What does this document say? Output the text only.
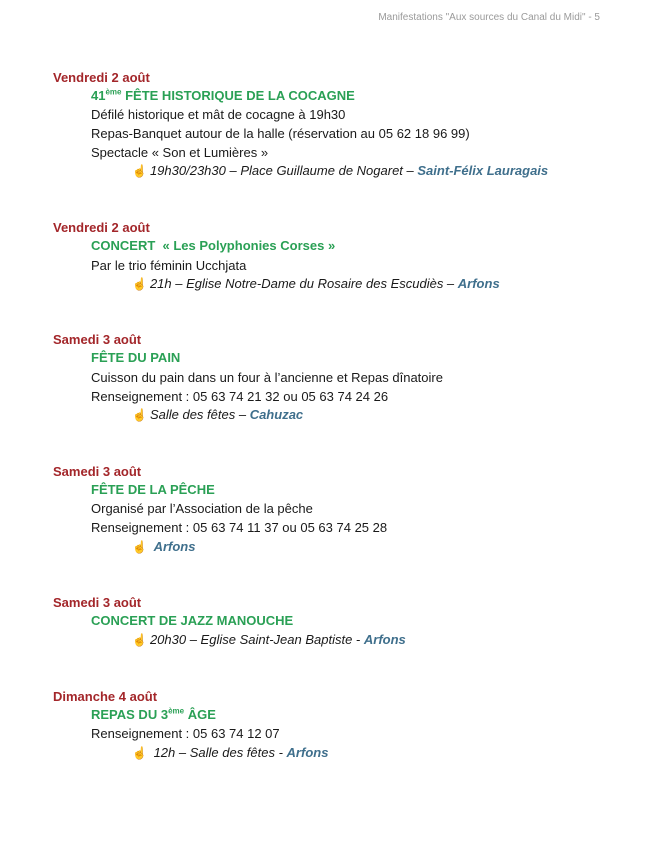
Manifestations "Aux sources du Canal du Midi" - 5
Vendredi 2 août
41ème FÊTE HISTORIQUE DE LA COCAGNE
Défilé historique et mât de cocagne à 19h30
Repas-Banquet autour de la halle (réservation au 05 62 18 96 99)
Spectacle « Son et Lumières »
☝ 19h30/23h30 – Place Guillaume de Nogaret – Saint-Félix Lauragais
Vendredi 2 août
CONCERT  « Les Polyphonies Corses »
Par le trio féminin Ucchjata
☝ 21h – Eglise Notre-Dame du Rosaire des Escudiès – Arfons
Samedi 3 août
FÊTE DU PAIN
Cuisson du pain dans un four à l’ancienne et Repas dînatoire
Renseignement : 05 63 74 21 32 ou 05 63 74 24 26
☝ Salle des fêtes – Cahuzac
Samedi 3 août
FÊTE DE LA PÊCHE
Organisé par l’Association de la pêche
Renseignement : 05 63 74 11 37 ou 05 63 74 25 28
☝ Arfons
Samedi 3 août
CONCERT DE JAZZ MANOUCHE
☝ 20h30 – Eglise Saint-Jean Baptiste - Arfons
Dimanche 4 août
REPAS DU 3ème ÂGE
Renseignement : 05 63 74 12 07
☝ 12h – Salle des fêtes - Arfons
